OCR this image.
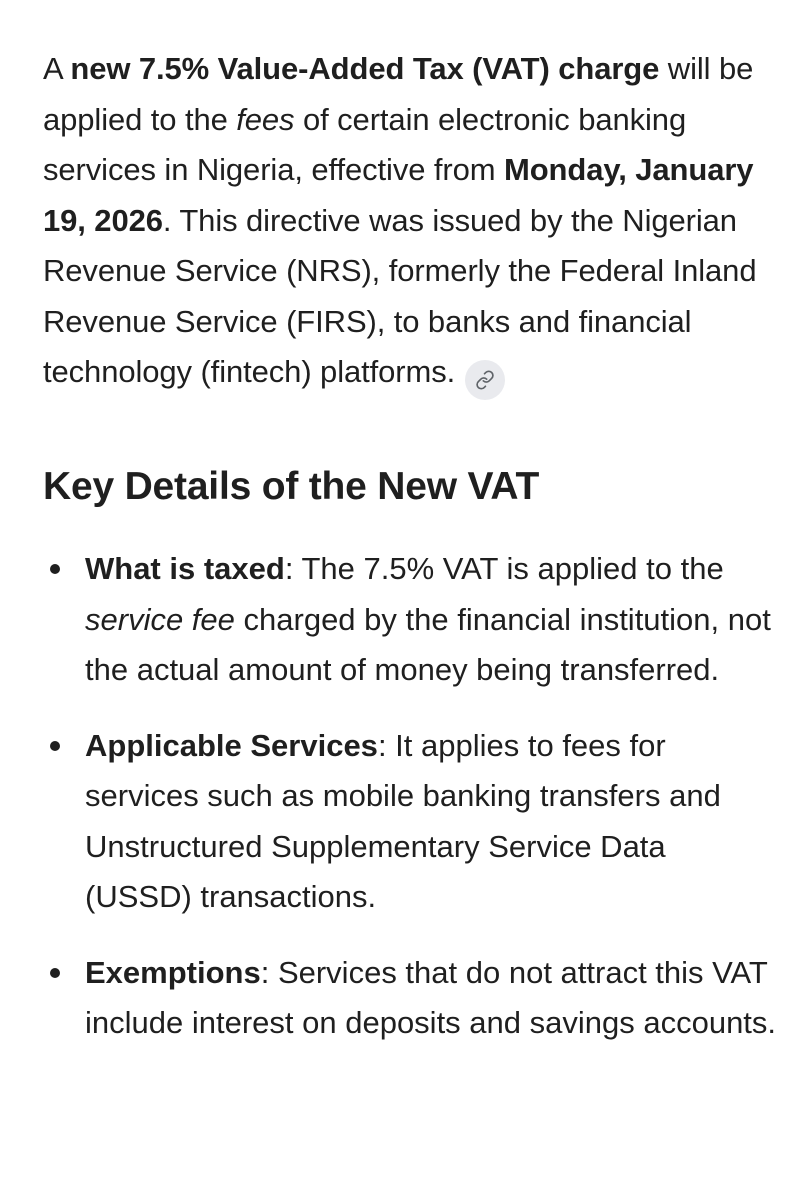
A new 7.5% Value-Added Tax (VAT) charge will be applied to the fees of certain electronic banking services in Nigeria, effective from Monday, January 19, 2026. This directive was issued by the Nigerian Revenue Service (NRS), formerly the Federal Inland Revenue Service (FIRS), to banks and financial technology (fintech) platforms.

Key Details of the New VAT
What is taxed: The 7.5% VAT is applied to the service fee charged by the financial institution, not the actual amount of money being transferred.
Applicable Services: It applies to fees for services such as mobile banking transfers and Unstructured Supplementary Service Data (USSD) transactions.
Exemptions: Services that do not attract this VAT include interest on deposits and savings accounts.
